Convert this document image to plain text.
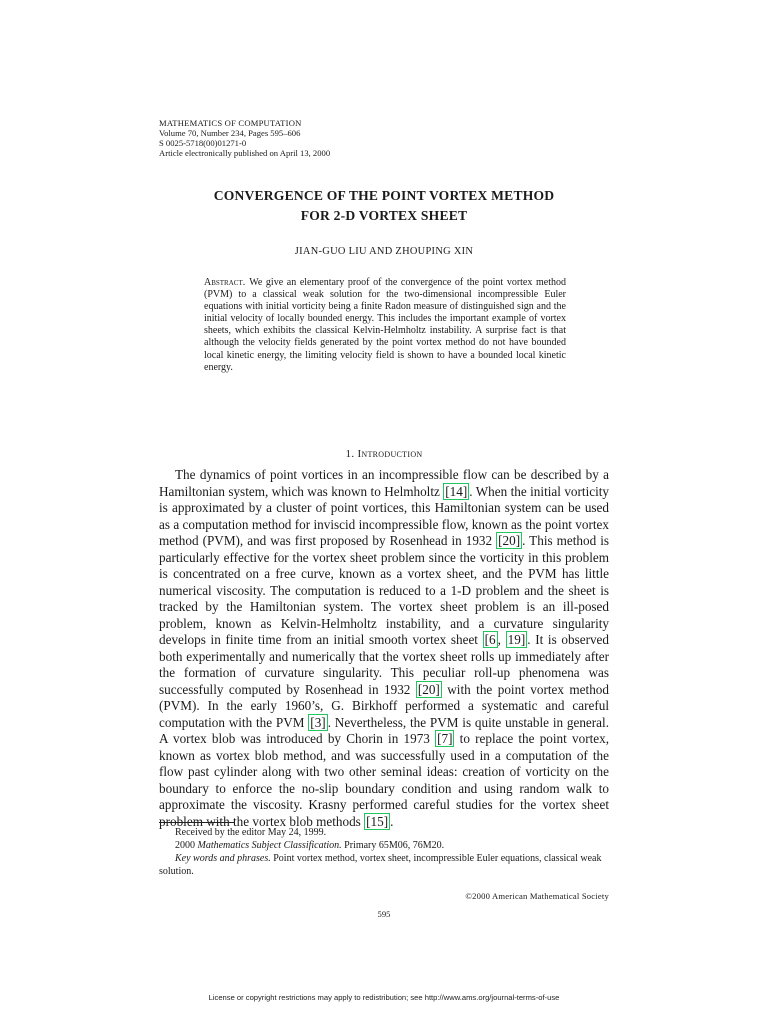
MATHEMATICS OF COMPUTATION
Volume 70, Number 234, Pages 595–606
S 0025-5718(00)01271-0
Article electronically published on April 13, 2000
CONVERGENCE OF THE POINT VORTEX METHOD
FOR 2-D VORTEX SHEET
JIAN-GUO LIU AND ZHOUPING XIN
Abstract. We give an elementary proof of the convergence of the point vortex method (PVM) to a classical weak solution for the two-dimensional incompressible Euler equations with initial vorticity being a finite Radon measure of distinguished sign and the initial velocity of locally bounded energy. This includes the important example of vortex sheets, which exhibits the classical Kelvin-Helmholtz instability. A surprise fact is that although the velocity fields generated by the point vortex method do not have bounded local kinetic energy, the limiting velocity field is shown to have a bounded local kinetic energy.
1. Introduction
The dynamics of point vortices in an incompressible flow can be described by a Hamiltonian system, which was known to Helmholtz [14] . When the initial vorticity is approximated by a cluster of point vortices, this Hamiltonian system can be used as a computation method for inviscid incompressible flow, known as the point vortex method (PVM), and was first proposed by Rosenhead in 1932 [20] . This method is particularly effective for the vortex sheet problem since the vorticity in this problem is concentrated on a free curve, known as a vortex sheet, and the PVM has little numerical viscosity. The computation is reduced to a 1-D problem and the sheet is tracked by the Hamiltonian system. The vortex sheet problem is an ill-posed problem, known as Kelvin-Helmholtz instability, and a curvature singularity develops in finite time from an initial smooth vortex sheet [6 , 19] . It is observed both experimentally and numerically that the vortex sheet rolls up immediately after the formation of curvature singularity. This peculiar roll-up phenomena was successfully computed by Rosenhead in 1932 [20] with the point vortex method (PVM). In the early 1960’s, G. Birkhoff performed a systematic and careful computation with the PVM [3] . Nevertheless, the PVM is quite unstable in general. A vortex blob was introduced by Chorin in 1973 [7] to replace the point vortex, known as vortex blob method, and was successfully used in a computation of the flow past cylinder along with two other seminal ideas: creation of vorticity on the boundary to enforce the no-slip boundary condition and using random walk to approximate the viscosity. Krasny performed careful studies for the vortex sheet problem with the vortex blob methods [15] .
Received by the editor May 24, 1999.
2000 Mathematics Subject Classification. Primary 65M06, 76M20.
Key words and phrases. Point vortex method, vortex sheet, incompressible Euler equations, classical weak solution.
©2000 American Mathematical Society
595
License or copyright restrictions may apply to redistribution; see http://www.ams.org/journal-terms-of-use
